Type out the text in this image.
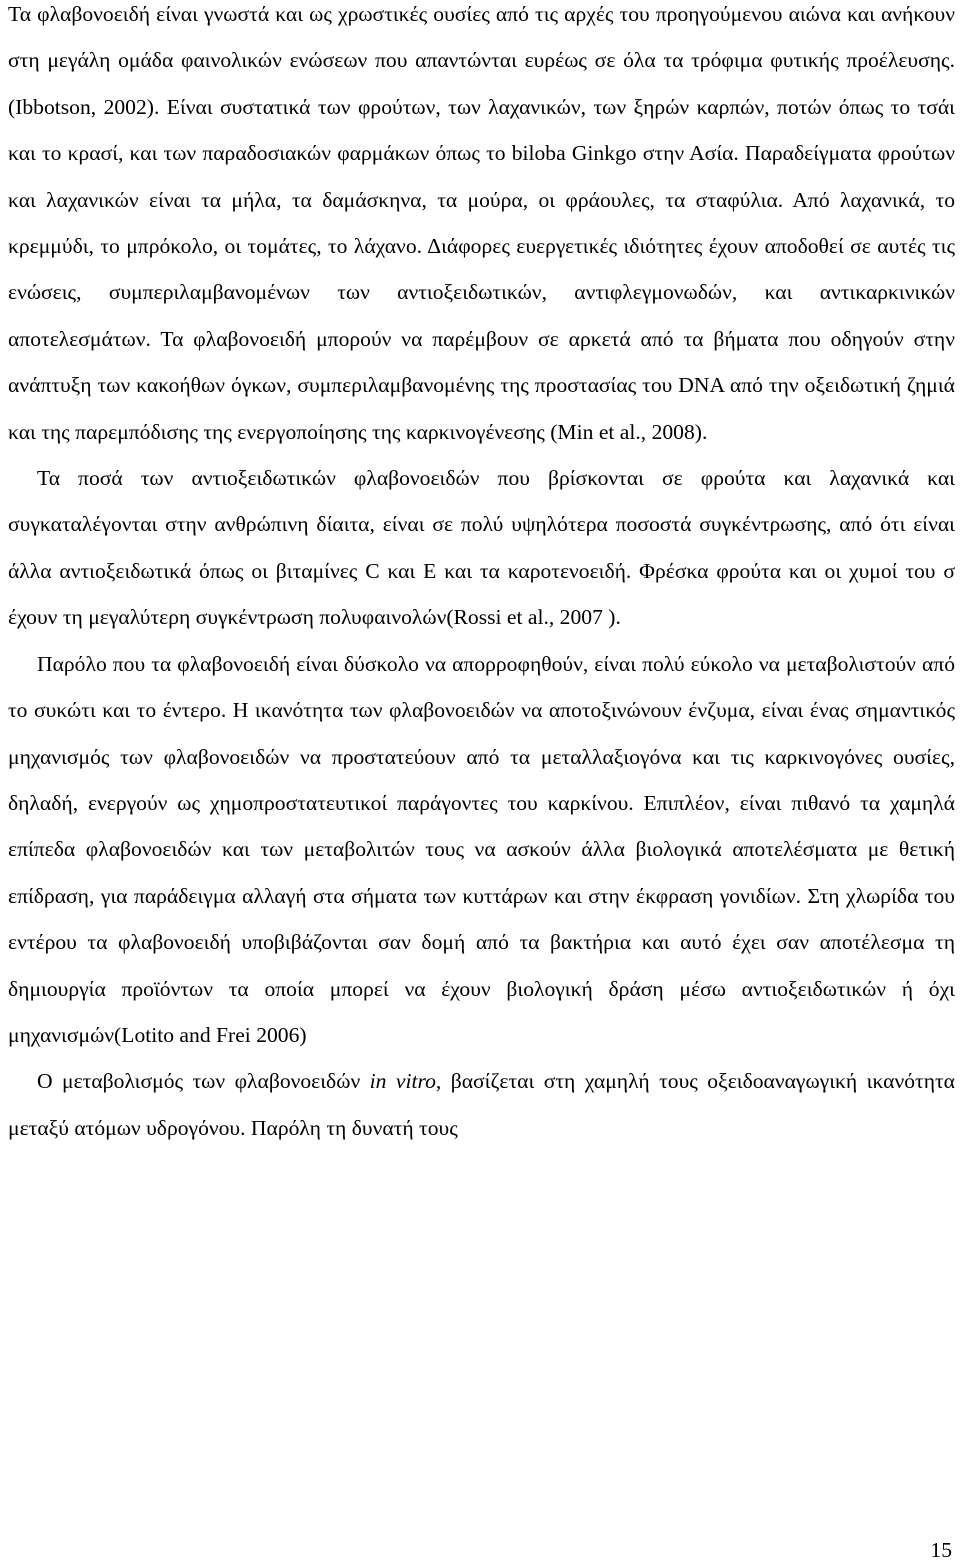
Τα φλαβονοειδή είναι γνωστά και ως χρωστικές ουσίες από τις αρχές του προηγούμενου αιώνα και ανήκουν στη μεγάλη ομάδα φαινολικών ενώσεων που απαντώνται ευρέως σε όλα τα τρόφιμα φυτικής προέλευσης. (Ibbotson, 2002). Είναι συστατικά των φρούτων, των λαχανικών, των ξηρών καρπών, ποτών όπως το τσάι και το κρασί, και των παραδοσιακών φαρμάκων όπως το biloba Ginkgo στην Ασία. Παραδείγματα φρούτων και λαχανικών είναι τα μήλα, τα δαμάσκηνα, τα μούρα, οι φράουλες, τα σταφύλια. Από λαχανικά, το κρεμμύδι, το μπρόκολο, οι τομάτες, το λάχανο. Διάφορες ευεργετικές ιδιότητες έχουν αποδοθεί σε αυτές τις ενώσεις, συμπεριλαμβανομένων των αντιοξειδωτικών, αντιφλεγμονωδών, και αντικαρκινικών αποτελεσμάτων. Τα φλαβονοειδή μπορούν να παρέμβουν σε αρκετά από τα βήματα που οδηγούν στην ανάπτυξη των κακοήθων όγκων, συμπεριλαμβανομένης της προστασίας του DNA από την οξειδωτική ζημιά και της παρεμπόδισης της ενεργοποίησης της καρκινογένεσης (Min et al., 2008).

Τα ποσά των αντιοξειδωτικών φλαβονοειδών που βρίσκονται σε φρούτα και λαχανικά και συγκαταλέγονται στην ανθρώπινη δίαιτα, είναι σε πολύ υψηλότερα ποσοστά συγκέντρωσης, από ότι είναι άλλα αντιοξειδωτικά όπως οι βιταμίνες C και E και τα καροτενοειδή. Φρέσκα φρούτα και οι χυμοί του σ έχουν τη μεγαλύτερη συγκέντρωση πολυφαινολών(Rossi et al., 2007 ).

Παρόλο που τα φλαβονοειδή είναι δύσκολο να απορροφηθούν, είναι πολύ εύκολο να μεταβολιστούν από το συκώτι και το έντερο. Η ικανότητα των φλαβονοειδών να αποτοξινώνουν ένζυμα, είναι ένας σημαντικός μηχανισμός των φλαβονοειδών να προστατεύουν από τα μεταλλαξιογόνα και τις καρκινογόνες ουσίες, δηλαδή, ενεργούν ως χημοπροστατευτικοί παράγοντες του καρκίνου. Επιπλέον, είναι πιθανό τα χαμηλά επίπεδα φλαβονοειδών και των μεταβολιτών τους να ασκούν άλλα βιολογικά αποτελέσματα με θετική επίδραση, για παράδειγμα αλλαγή στα σήματα των κυττάρων και στην έκφραση γονιδίων. Στη χλωρίδα του εντέρου τα φλαβονοειδή υποβιβάζονται σαν δομή από τα βακτήρια και αυτό έχει σαν αποτέλεσμα τη δημιουργία προϊόντων τα οποία μπορεί να έχουν βιολογική δράση μέσω αντιοξειδωτικών ή όχι μηχανισμών(Lotito and Frei 2006)

Ο μεταβολισμός των φλαβονοειδών in vitro, βασίζεται στη χαμηλή τους οξειδοαναγωγική ικανότητα μεταξύ ατόμων υδρογόνου. Παρόλη τη δυνατή τους

15
